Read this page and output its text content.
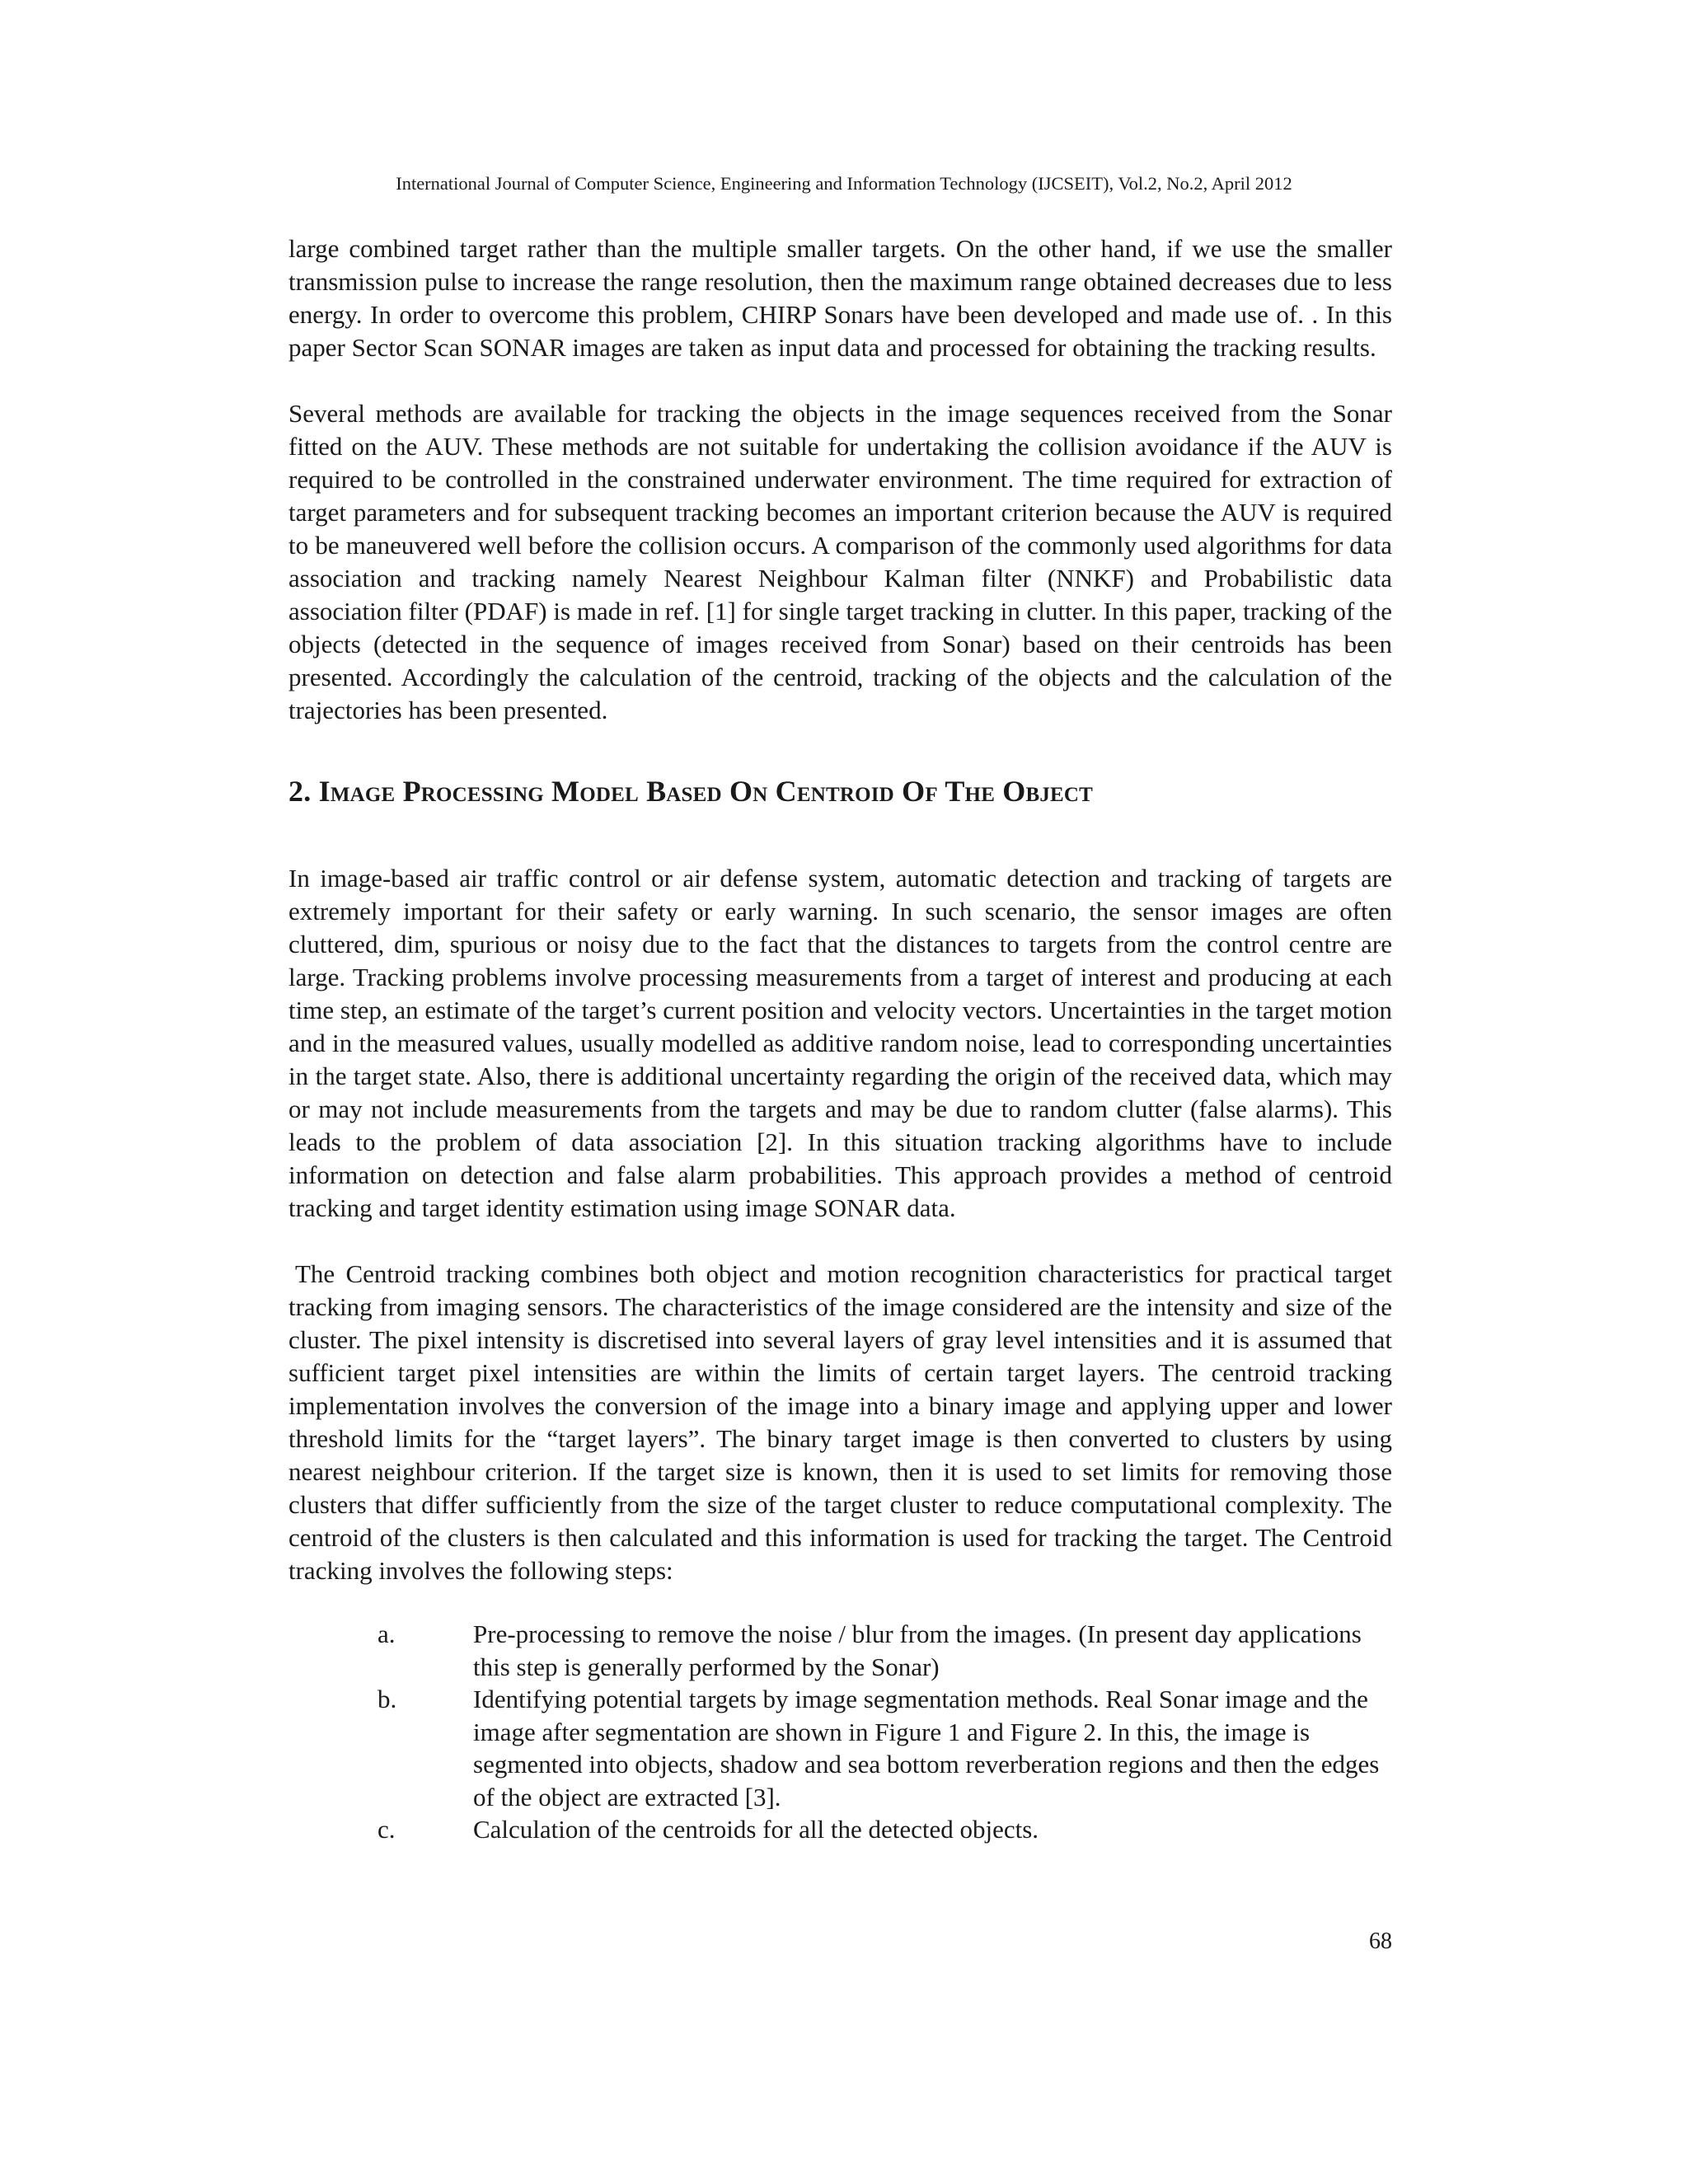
International Journal of Computer Science, Engineering and Information Technology (IJCSEIT), Vol.2, No.2, April 2012

large combined target rather than the multiple smaller targets. On the other hand, if we use the smaller transmission pulse to increase the range resolution, then the maximum range obtained decreases due to less energy. In order to overcome this problem, CHIRP Sonars have been developed and made use of. . In this paper Sector Scan SONAR images are taken as input data and processed for obtaining the tracking results.

Several methods are available for tracking the objects in the image sequences received from the Sonar fitted on the AUV. These methods are not suitable for undertaking the collision avoidance if the AUV is required to be controlled in the constrained underwater environment. The time required for extraction of target parameters and for subsequent tracking becomes an important criterion because the AUV is required to be maneuvered well before the collision occurs. A comparison of the commonly used algorithms for data association and tracking namely Nearest Neighbour Kalman filter (NNKF) and Probabilistic data association filter (PDAF) is made in ref. [1] for single target tracking in clutter. In this paper, tracking of the objects (detected in the sequence of images received from Sonar) based on their centroids has been presented. Accordingly the calculation of the centroid, tracking of the objects and the calculation of the trajectories has been presented.

2. Image Processing Model Based On Centroid Of The Object

In image-based air traffic control or air defense system, automatic detection and tracking of targets are extremely important for their safety or early warning. In such scenario, the sensor images are often cluttered, dim, spurious or noisy due to the fact that the distances to targets from the control centre are large. Tracking problems involve processing measurements from a target of interest and producing at each time step, an estimate of the target’s current position and velocity vectors. Uncertainties in the target motion and in the measured values, usually modelled as additive random noise, lead to corresponding uncertainties in the target state. Also, there is additional uncertainty regarding the origin of the received data, which may or may not include measurements from the targets and may be due to random clutter (false alarms). This leads to the problem of data association [2]. In this situation tracking algorithms have to include information on detection and false alarm probabilities. This approach provides a method of centroid tracking and target identity estimation using image SONAR data.

The Centroid tracking combines both object and motion recognition characteristics for practical target tracking from imaging sensors. The characteristics of the image considered are the intensity and size of the cluster. The pixel intensity is discretised into several layers of gray level intensities and it is assumed that sufficient target pixel intensities are within the limits of certain target layers. The centroid tracking implementation involves the conversion of the image into a binary image and applying upper and lower threshold limits for the “target layers”. The binary target image is then converted to clusters by using nearest neighbour criterion. If the target size is known, then it is used to set limits for removing those clusters that differ sufficiently from the size of the target cluster to reduce computational complexity. The centroid of the clusters is then calculated and this information is used for tracking the target. The Centroid tracking involves the following steps:

a.	Pre-processing to remove the noise / blur from the images. (In present day applications this step is generally performed by the Sonar)
b.	Identifying potential targets by image segmentation methods. Real Sonar image and the image after segmentation are shown in Figure 1 and Figure 2. In this, the image is segmented into objects, shadow and sea bottom reverberation regions and then the edges of the object are extracted [3].
c.	Calculation of the centroids for all the detected objects.
68
